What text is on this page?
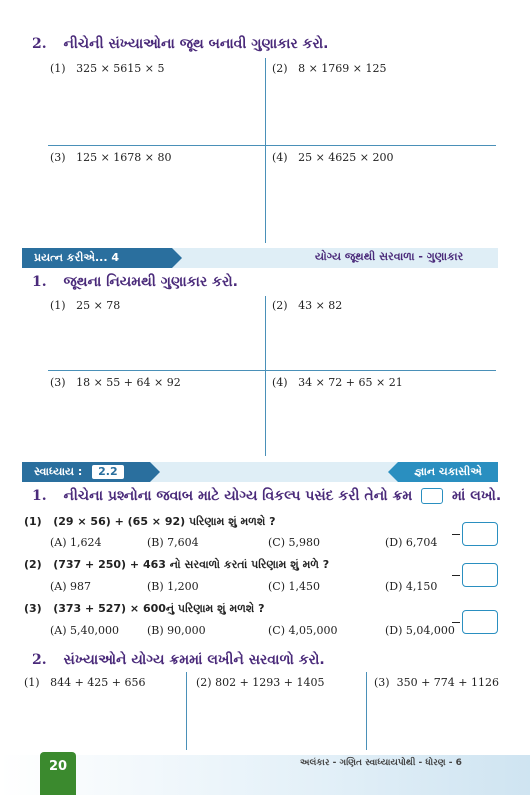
2. નીચેની સંખ્યાઓના જૂથ બનાવી ગુણાકાર કરો.
(1) 325 × 5615 × 5	(2) 8 × 1769 × 125
(3) 125 × 1678 × 80	(4) 25 × 4625 × 200
પ્રયત્ન કરીએ... 4	યોગ્ય જૂથથી સરવાળા - ગુણાકાર
1. જૂથના નિયમથી ગુણાકાર કરો.
(1) 25 × 78	(2) 43 × 82
(3) 18 × 55 + 64 × 92	(4) 34 × 72 + 65 × 21
સ્વાધ્યાય : 2.2	જ્ઞાન ચકાસીએ
1. નીચેના પ્રશ્નોના જવાબ માટે યોગ્ય વિકલ્પ પસંદ કરી તેનો ક્રમ	માં લખો.
(1) (29 × 56) + (65 × 92) પરિણામ શું મળશે ?
(A) 1,624	(B) 7,604	(C) 5,980	(D) 6,704
(2) (737 + 250) + 463 નો સરવાળો કરતાં પરિણામ શું મળે ?
(A) 987	(B) 1,200	(C) 1,450	(D) 4,150
(3) (373 + 527) × 600નું પરિણામ શું મળશે ?
(A) 5,40,000	(B) 90,000	(C) 4,05,000	(D) 5,04,000
2. સંખ્યાઓને યોગ્ય ક્રમમાં લખીને સરવાળો કરો.
(1) 844 + 425 + 656	(2) 802 + 1293 + 1405	(3) 350 + 774 + 1126
20	અલંકાર - ગણિત સ્વાધ્યાયપોથી - ધોરણ - 6
